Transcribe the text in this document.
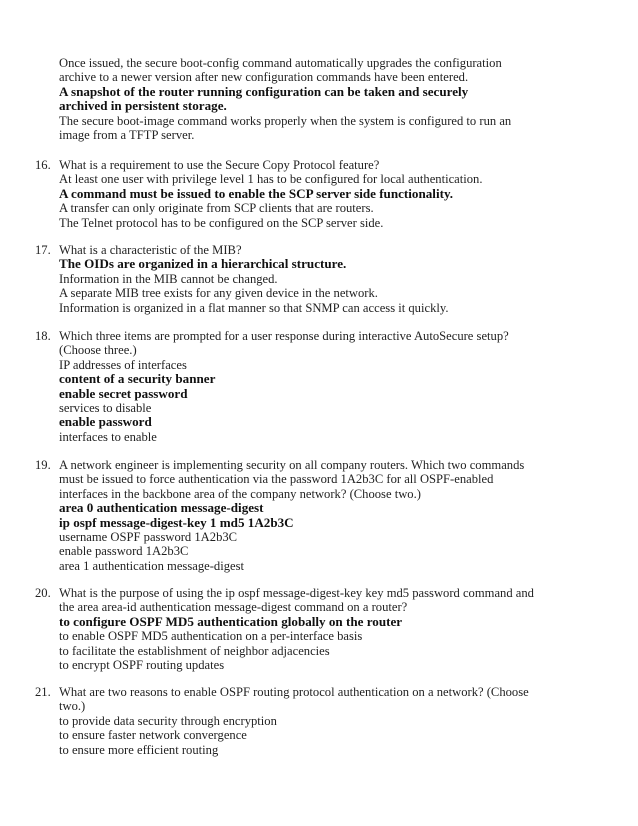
Once issued, the secure boot-config command automatically upgrades the configuration
archive to a newer version after new configuration commands have been entered.
A snapshot of the router running configuration can be taken and securely
archived in persistent storage.
The secure boot-image command works properly when the system is configured to run an
image from a TFTP server.
16. What is a requirement to use the Secure Copy Protocol feature?
At least one user with privilege level 1 has to be configured for local authentication.
A command must be issued to enable the SCP server side functionality.
A transfer can only originate from SCP clients that are routers.
The Telnet protocol has to be configured on the SCP server side.
17. What is a characteristic of the MIB?
The OIDs are organized in a hierarchical structure.
Information in the MIB cannot be changed.
A separate MIB tree exists for any given device in the network.
Information is organized in a flat manner so that SNMP can access it quickly.
18. Which three items are prompted for a user response during interactive AutoSecure setup?
(Choose three.)
IP addresses of interfaces
content of a security banner
enable secret password
services to disable
enable password
interfaces to enable
19. A network engineer is implementing security on all company routers. Which two commands
must be issued to force authentication via the password 1A2b3C for all OSPF-enabled
interfaces in the backbone area of the company network? (Choose two.)
area 0 authentication message-digest
ip ospf message-digest-key 1 md5 1A2b3C
username OSPF password 1A2b3C
enable password 1A2b3C
area 1 authentication message-digest
20. What is the purpose of using the ip ospf message-digest-key key md5 password command and
the area area-id authentication message-digest command on a router?
to configure OSPF MD5 authentication globally on the router
to enable OSPF MD5 authentication on a per-interface basis
to facilitate the establishment of neighbor adjacencies
to encrypt OSPF routing updates
21. What are two reasons to enable OSPF routing protocol authentication on a network? (Choose
two.)
to provide data security through encryption
to ensure faster network convergence
to ensure more efficient routing
